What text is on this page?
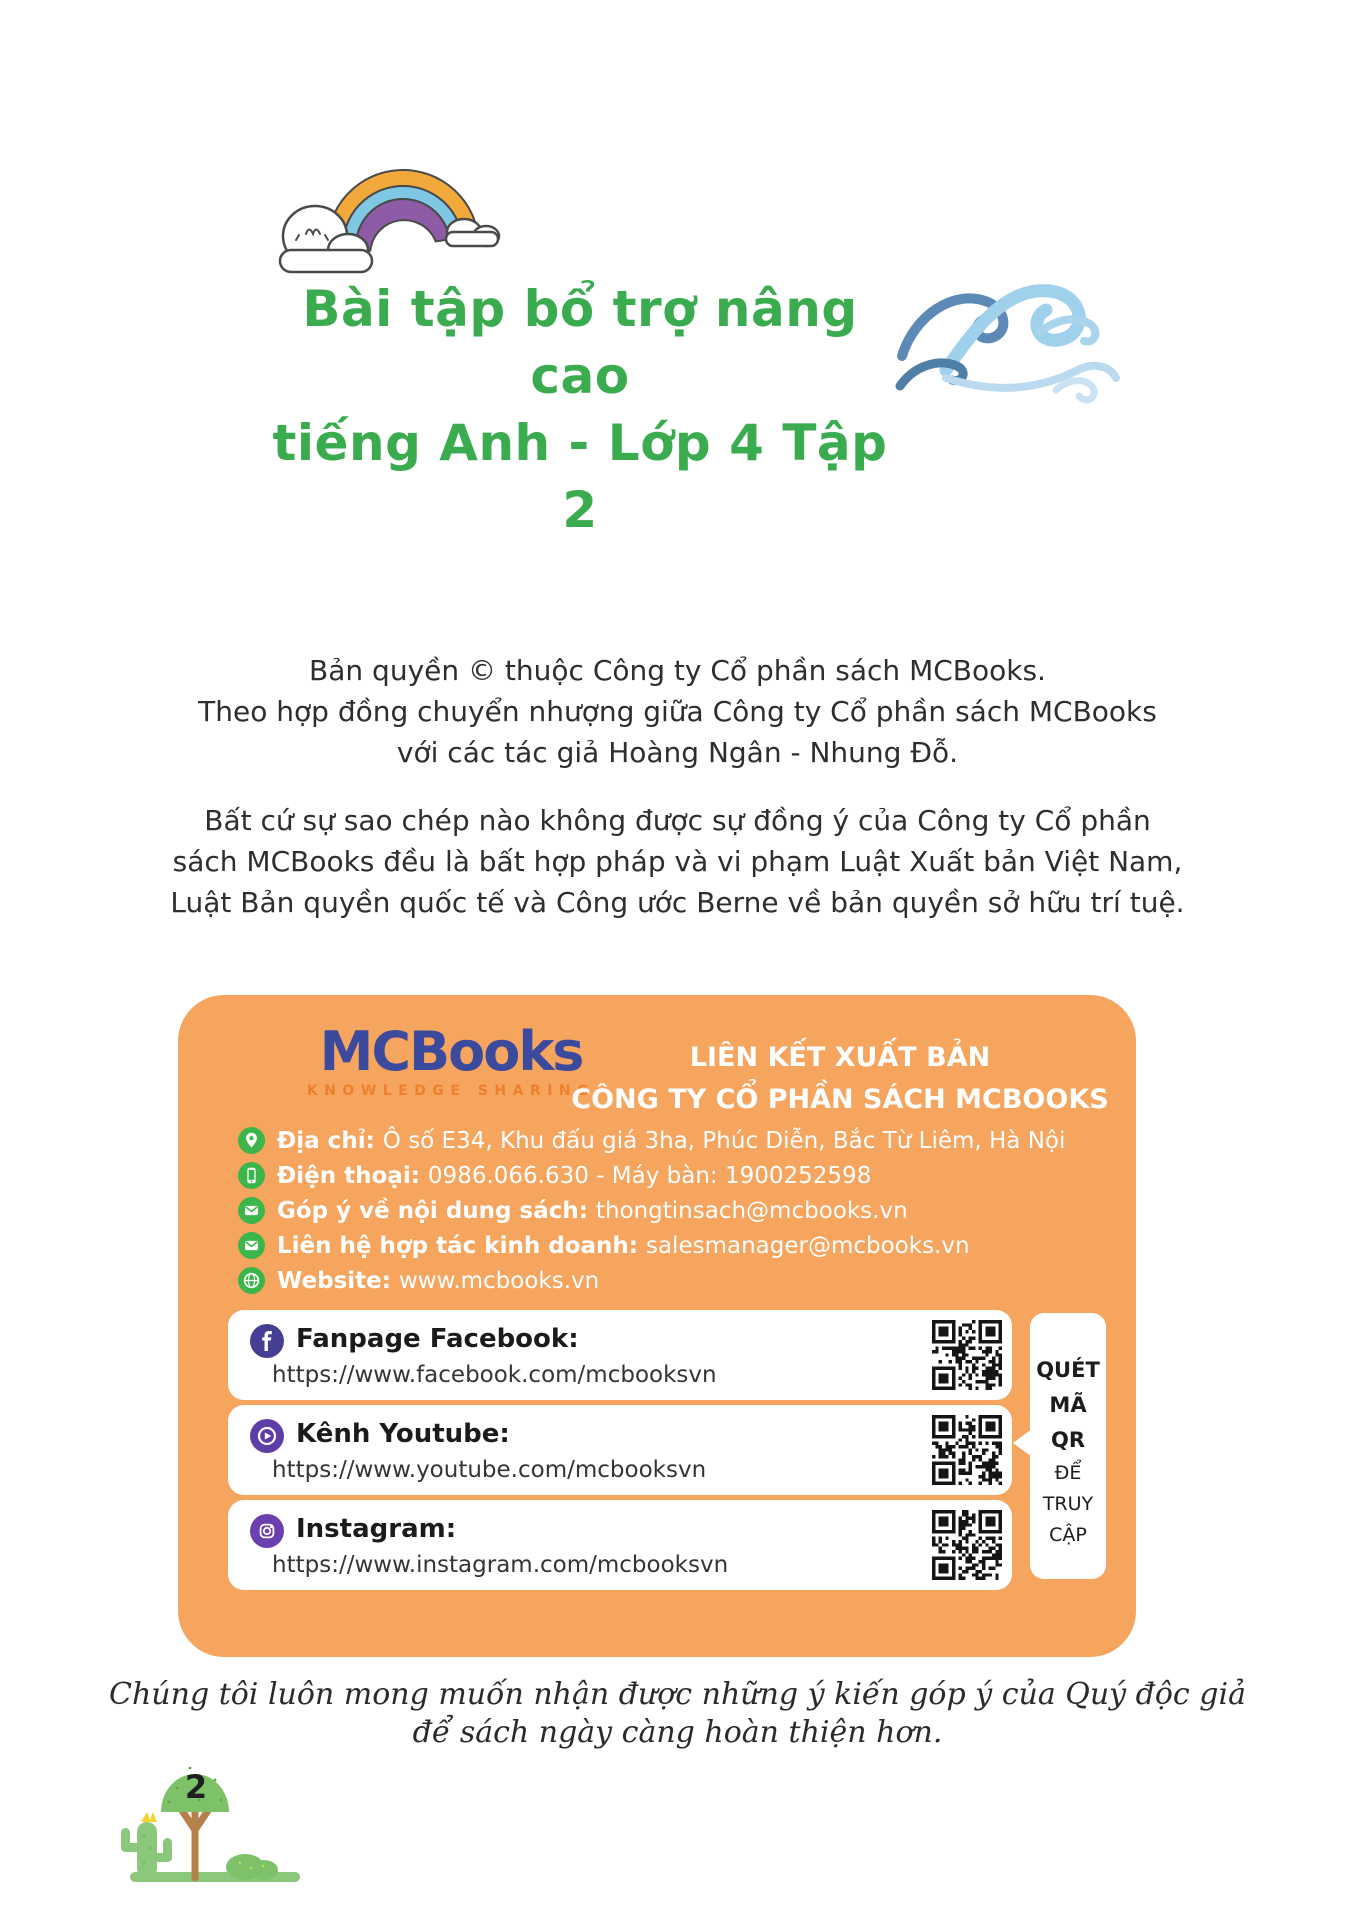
Bài tập bổ trợ nâng cao
tiếng Anh - Lớp 4 Tập 2
Bản quyền © thuộc Công ty Cổ phần sách MCBooks.
Theo hợp đồng chuyển nhượng giữa Công ty Cổ phần sách MCBooks
với các tác giả Hoàng Ngân - Nhung Đỗ.
Bất cứ sự sao chép nào không được sự đồng ý của Công ty Cổ phần
sách MCBooks đều là bất hợp pháp và vi phạm Luật Xuất bản Việt Nam,
Luật Bản quyền quốc tế và Công ước Berne về bản quyền sở hữu trí tuệ.
MCBooks
KNOWLEDGE SHARING
LIÊN KẾT XUẤT BẢN
CÔNG TY CỔ PHẦN SÁCH MCBOOKS
Địa chỉ: Ô số E34, Khu đấu giá 3ha, Phúc Diễn, Bắc Từ Liêm, Hà Nội
Điện thoại: 0986.066.630 - Máy bàn: 1900252598
Góp ý về nội dung sách: thongtinsach@mcbooks.vn
Liên hệ hợp tác kinh doanh: salesmanager@mcbooks.vn
Website: www.mcbooks.vn
Fanpage Facebook:
https://www.facebook.com/mcbooksvn
Kênh Youtube:
https://www.youtube.com/mcbooksvn
Instagram:
https://www.instagram.com/mcbooksvn
QUÉT
MÃ
QR
ĐỂ
TRUY
CẬP
Chúng tôi luôn mong muốn nhận được những ý kiến góp ý của Quý độc giả
để sách ngày càng hoàn thiện hơn.
2
